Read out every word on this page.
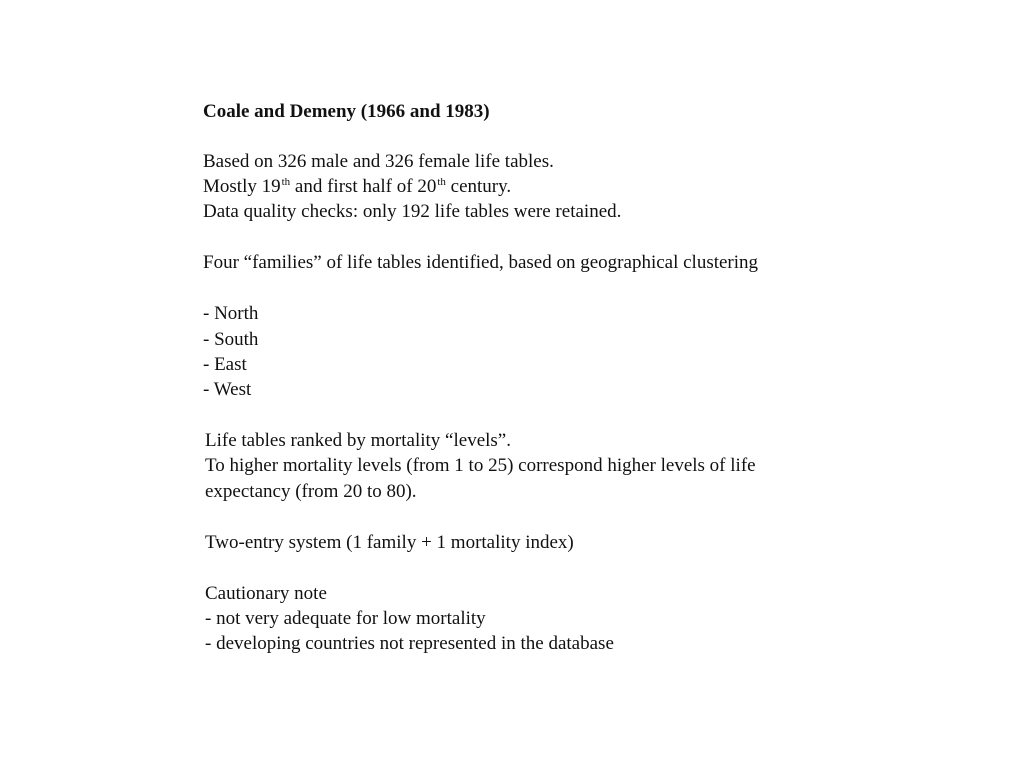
Coale and Demeny (1966 and 1983)

Based on 326 male and 326 female life tables.

Mostly 19th and first half of 20th century.

Data quality checks: only 192 life tables were retained.

Four “families” of life tables identified, based on geographical clustering

- North

- South

- East

- West

Life tables ranked by mortality “levels”.

To higher mortality levels (from 1 to 25) correspond higher levels of life

expectancy (from 20 to 80).

Two-entry system (1 family + 1 mortality index)

Cautionary note

- not very adequate for low mortality

- developing countries not represented in the database
